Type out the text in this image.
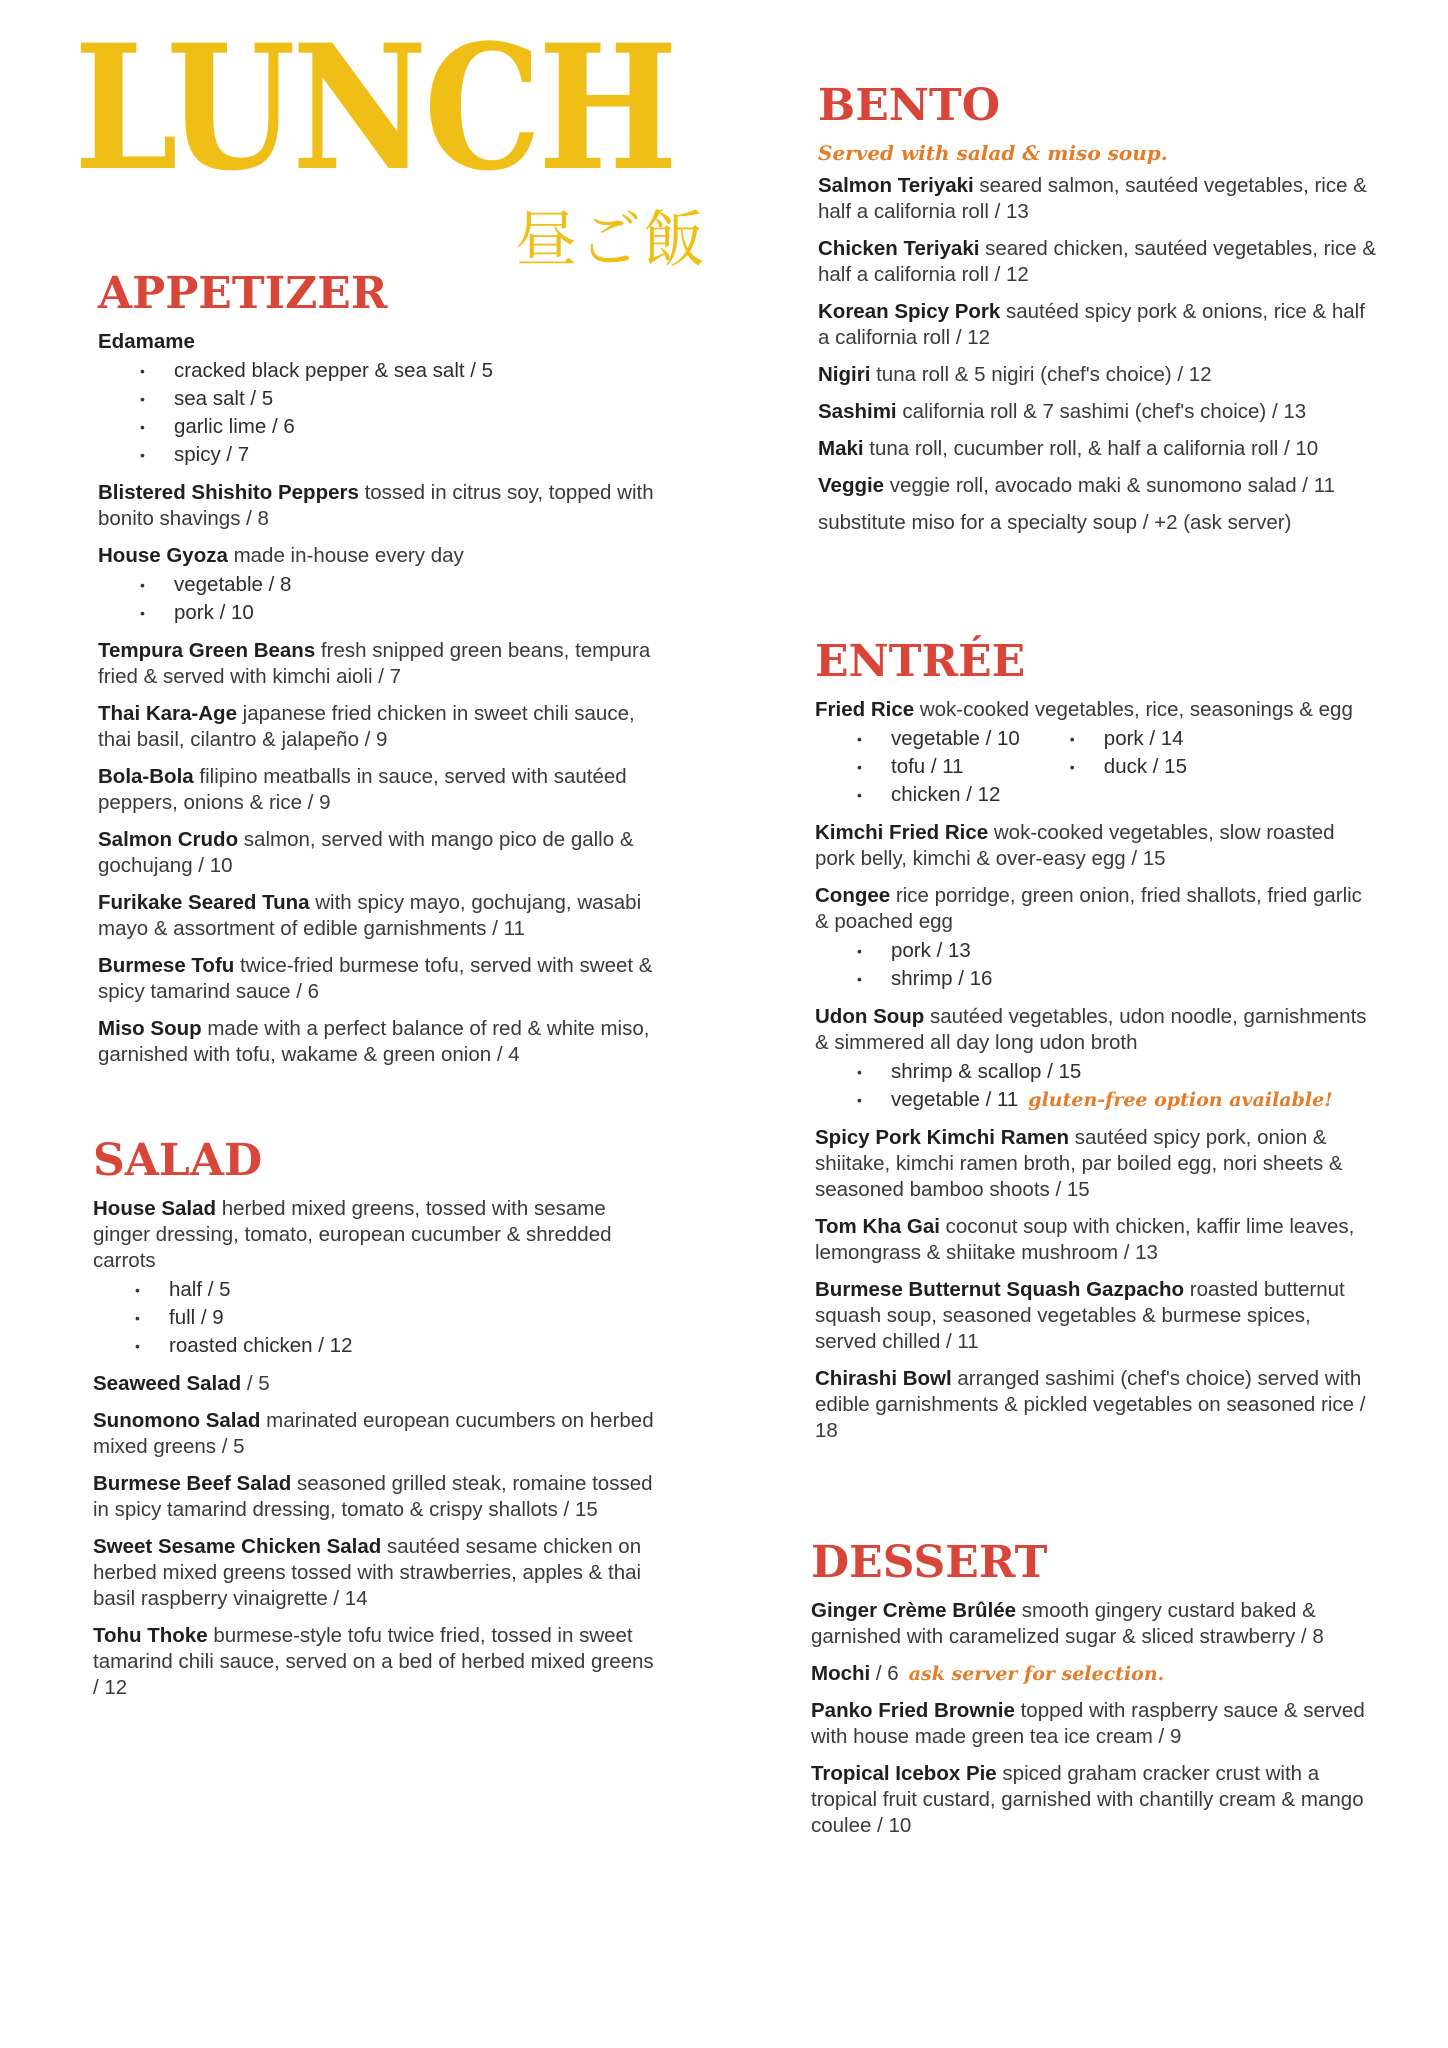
LUNCH
昼ご飯
APPETIZER
Edamame
• cracked black pepper & sea salt / 5
• sea salt / 5
• garlic lime / 6
• spicy / 7
Blistered Shishito Peppers tossed in citrus soy, topped with bonito shavings / 8
House Gyoza made in-house every day
• vegetable / 8
• pork / 10
Tempura Green Beans fresh snipped green beans, tempura fried & served with kimchi aioli / 7
Thai Kara-Age japanese fried chicken in sweet chili sauce, thai basil, cilantro & jalapeño / 9
Bola-Bola filipino meatballs in sauce, served with sautéed peppers, onions & rice / 9
Salmon Crudo salmon, served with mango pico de gallo & gochujang / 10
Furikake Seared Tuna with spicy mayo, gochujang, wasabi mayo & assortment of edible garnishments / 11
Burmese Tofu twice-fried burmese tofu, served with sweet & spicy tamarind sauce / 6
Miso Soup made with a perfect balance of red & white miso, garnished with tofu, wakame & green onion / 4
SALAD
House Salad herbed mixed greens, tossed with sesame ginger dressing, tomato, european cucumber & shredded carrots
• half / 5
• full / 9
• roasted chicken / 12
Seaweed Salad / 5
Sunomono Salad marinated european cucumbers on herbed mixed greens / 5
Burmese Beef Salad seasoned grilled steak, romaine tossed in spicy tamarind dressing, tomato & crispy shallots / 15
Sweet Sesame Chicken Salad sautéed sesame chicken on herbed mixed greens tossed with strawberries, apples & thai basil raspberry vinaigrette / 14
Tohu Thoke burmese-style tofu twice fried, tossed in sweet tamarind chili sauce, served on a bed of herbed mixed greens / 12
BENTO
Served with salad & miso soup.
Salmon Teriyaki seared salmon, sautéed vegetables, rice & half a california roll / 13
Chicken Teriyaki seared chicken, sautéed vegetables, rice & half a california roll / 12
Korean Spicy Pork sautéed spicy pork & onions, rice & half a california roll / 12
Nigiri tuna roll & 5 nigiri (chef's choice) / 12
Sashimi california roll & 7 sashimi (chef's choice) / 13
Maki tuna roll, cucumber roll, & half a california roll / 10
Veggie veggie roll, avocado maki & sunomono salad / 11
substitute miso for a specialty soup / +2 (ask server)
ENTRÉE
Fried Rice wok-cooked vegetables, rice, seasonings & egg
• vegetable / 10
• tofu / 11
• chicken / 12
• pork / 14
• duck / 15
Kimchi Fried Rice wok-cooked vegetables, slow roasted pork belly, kimchi & over-easy egg / 15
Congee rice porridge, green onion, fried shallots, fried garlic & poached egg
• pork / 13
• shrimp / 16
Udon Soup sautéed vegetables, udon noodle, garnishments & simmered all day long udon broth
• shrimp & scallop / 15
• vegetable / 11 gluten-free option available!
Spicy Pork Kimchi Ramen sautéed spicy pork, onion & shiitake, kimchi ramen broth, par boiled egg, nori sheets & seasoned bamboo shoots / 15
Tom Kha Gai coconut soup with chicken, kaffir lime leaves, lemongrass & shiitake mushroom / 13
Burmese Butternut Squash Gazpacho roasted butternut squash soup, seasoned vegetables & burmese spices, served chilled / 11
Chirashi Bowl arranged sashimi (chef's choice) served with edible garnishments & pickled vegetables on seasoned rice / 18
DESSERT
Ginger Crème Brûlée smooth gingery custard baked & garnished with caramelized sugar & sliced strawberry / 8
Mochi / 6 ask server for selection.
Panko Fried Brownie topped with raspberry sauce & served with house made green tea ice cream / 9
Tropical Icebox Pie spiced graham cracker crust with a tropical fruit custard, garnished with chantilly cream & mango coulee / 10
